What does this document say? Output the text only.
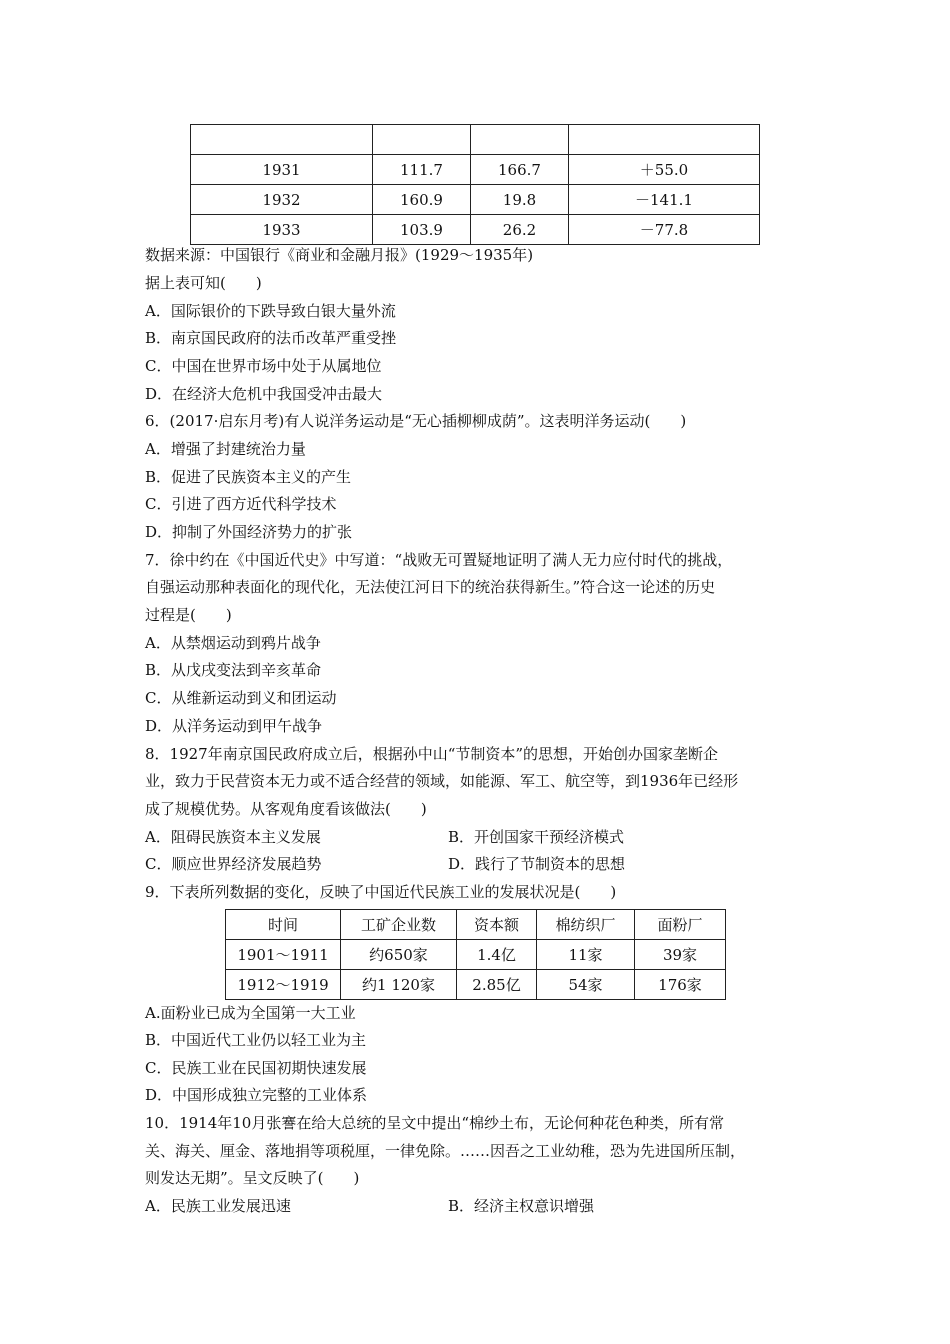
1931	111.7	166.7	＋55.0
1932	160.9	19.8	－141.1
1933	103.9	26.2	－77.8
数据来源：中国银行《商业和金融月报》(1929～1935年)
据上表可知(　　)
A．国际银价的下跌导致白银大量外流
B．南京国民政府的法币改革严重受挫
C．中国在世界市场中处于从属地位
D．在经济大危机中我国受冲击最大
6．(2017·启东月考)有人说洋务运动是“无心插柳柳成荫”。这表明洋务运动(　　)
A．增强了封建统治力量
B．促进了民族资本主义的产生
C．引进了西方近代科学技术
D．抑制了外国经济势力的扩张
7．徐中约在《中国近代史》中写道：“战败无可置疑地证明了满人无力应付时代的挑战，
自强运动那种表面化的现代化，无法使江河日下的统治获得新生。”符合这一论述的历史
过程是(　　)
A．从禁烟运动到鸦片战争
B．从戊戌变法到辛亥革命
C．从维新运动到义和团运动
D．从洋务运动到甲午战争
8．1927年南京国民政府成立后，根据孙中山“节制资本”的思想，开始创办国家垄断企
业，致力于民营资本无力或不适合经营的领域，如能源、军工、航空等，到1936年已经形
成了规模优势。从客观角度看该做法(　　)
A．阻碍民族资本主义发展	B．开创国家干预经济模式
C．顺应世界经济发展趋势	D．践行了节制资本的思想
9．下表所列数据的变化，反映了中国近代民族工业的发展状况是(　　)
时间	工矿企业数	资本额	棉纺织厂	面粉厂
1901～1911	约650家	1.4亿	11家	39家
1912～1919	约1 120家	2.85亿	54家	176家
A.面粉业已成为全国第一大工业
B．中国近代工业仍以轻工业为主
C．民族工业在民国初期快速发展
D．中国形成独立完整的工业体系
10．1914年10月张謇在给大总统的呈文中提出“棉纱土布，无论何种花色种类，所有常
关、海关、厘金、落地捐等项税厘，一律免除。……因吾之工业幼稚，恐为先进国所压制，
则发达无期”。呈文反映了(　　)
A．民族工业发展迅速	B．经济主权意识增强
